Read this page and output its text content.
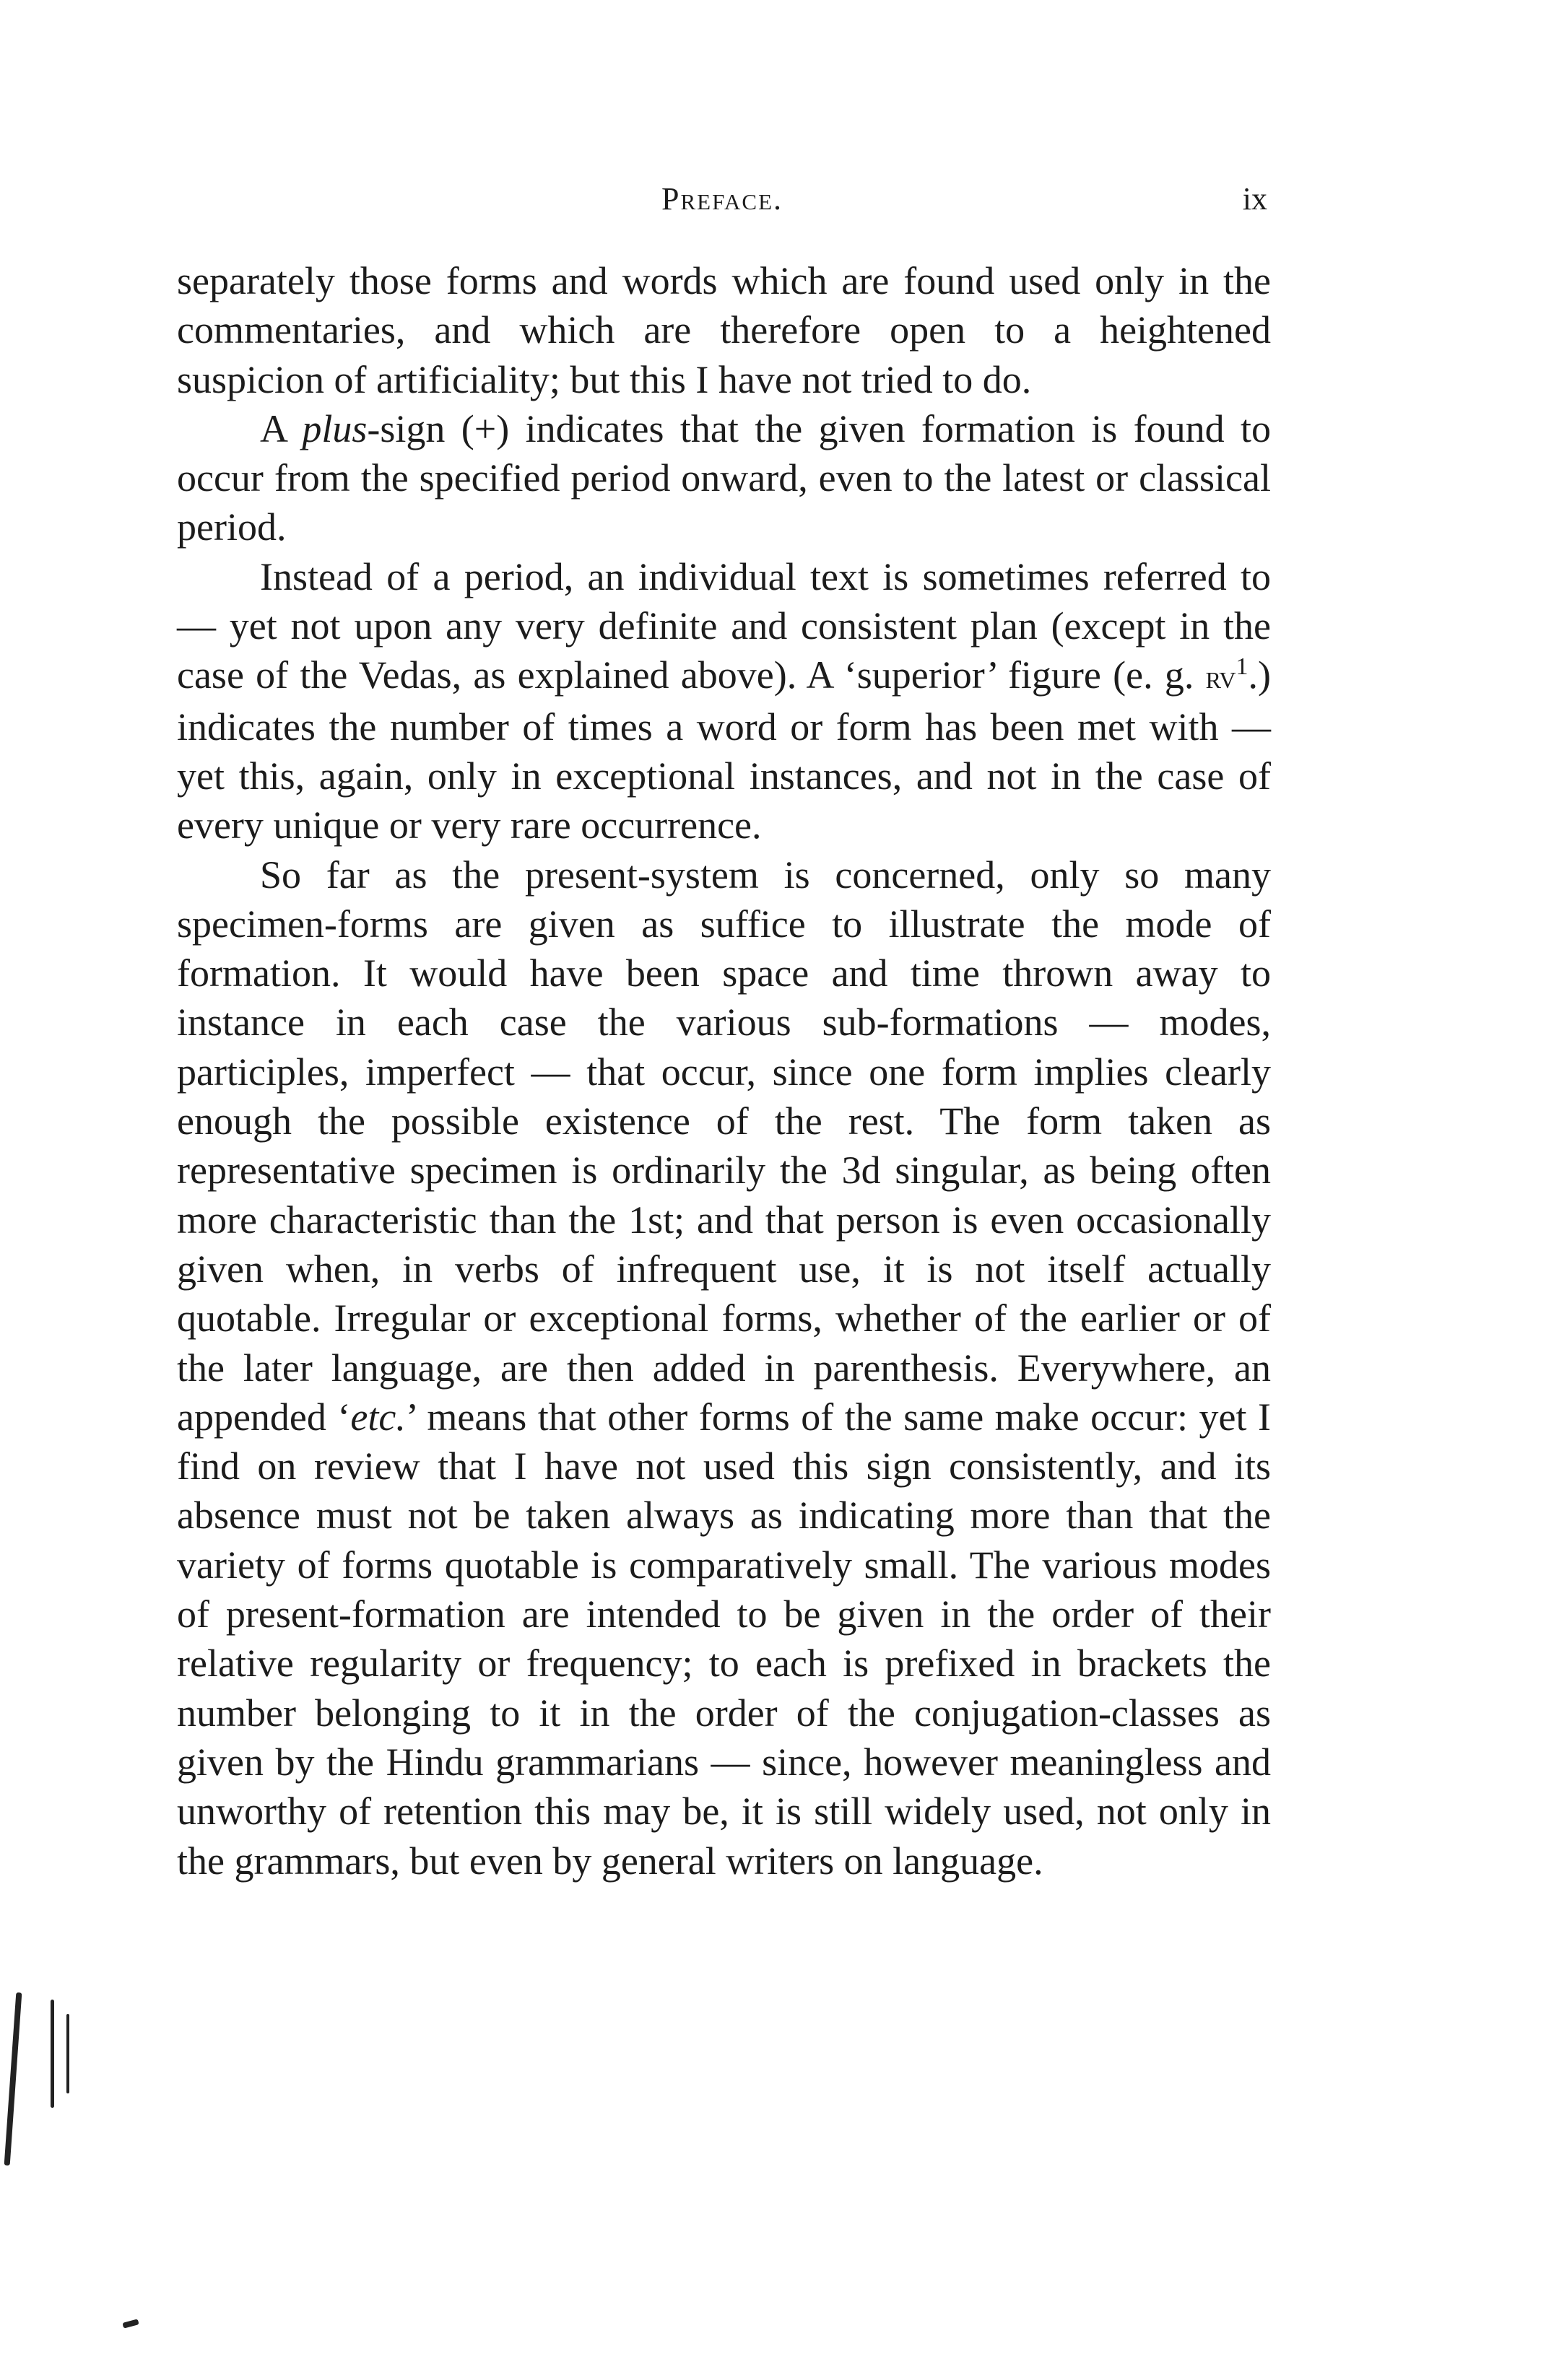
Preface.	ix

separately those forms and words which are found used only in the commentaries, and which are therefore open to a heightened suspicion of artificiality; but this I have not tried to do.

A plus-sign (+) indicates that the given formation is found to occur from the specified period onward, even to the latest or classical period.

Instead of a period, an individual text is sometimes referred to — yet not upon any very definite and consistent plan (except in the case of the Vedas, as explained above). A ‘superior’ figure (e. g. $rv^1$.) indicates the number of times a word or form has been met with — yet this, again, only in exceptional instances, and not in the case of every unique or very rare occurrence.

So far as the present-system is concerned, only so many specimen-forms are given as suffice to illustrate the mode of formation. It would have been space and time thrown away to instance in each case the various sub-formations — modes, participles, imperfect — that occur, since one form implies clearly enough the possible existence of the rest. The form taken as representative specimen is ordinarily the 3d singular, as being often more characteristic than the 1st; and that person is even occasionally given when, in verbs of infrequent use, it is not itself actually quotable. Irregular or exceptional forms, whether of the earlier or of the later language, are then added in parenthesis. Everywhere, an appended ‘etc.’ means that other forms of the same make occur: yet I find on review that I have not used this sign consistently, and its absence must not be taken always as indicating more than that the variety of forms quotable is comparatively small. The various modes of present-formation are intended to be given in the order of their relative regularity or frequency; to each is prefixed in brackets the number belonging to it in the order of the conjugation-classes as given by the Hindu grammarians — since, however meaningless and unworthy of retention this may be, it is still widely used, not only in the grammars, but even by general writers on language.
